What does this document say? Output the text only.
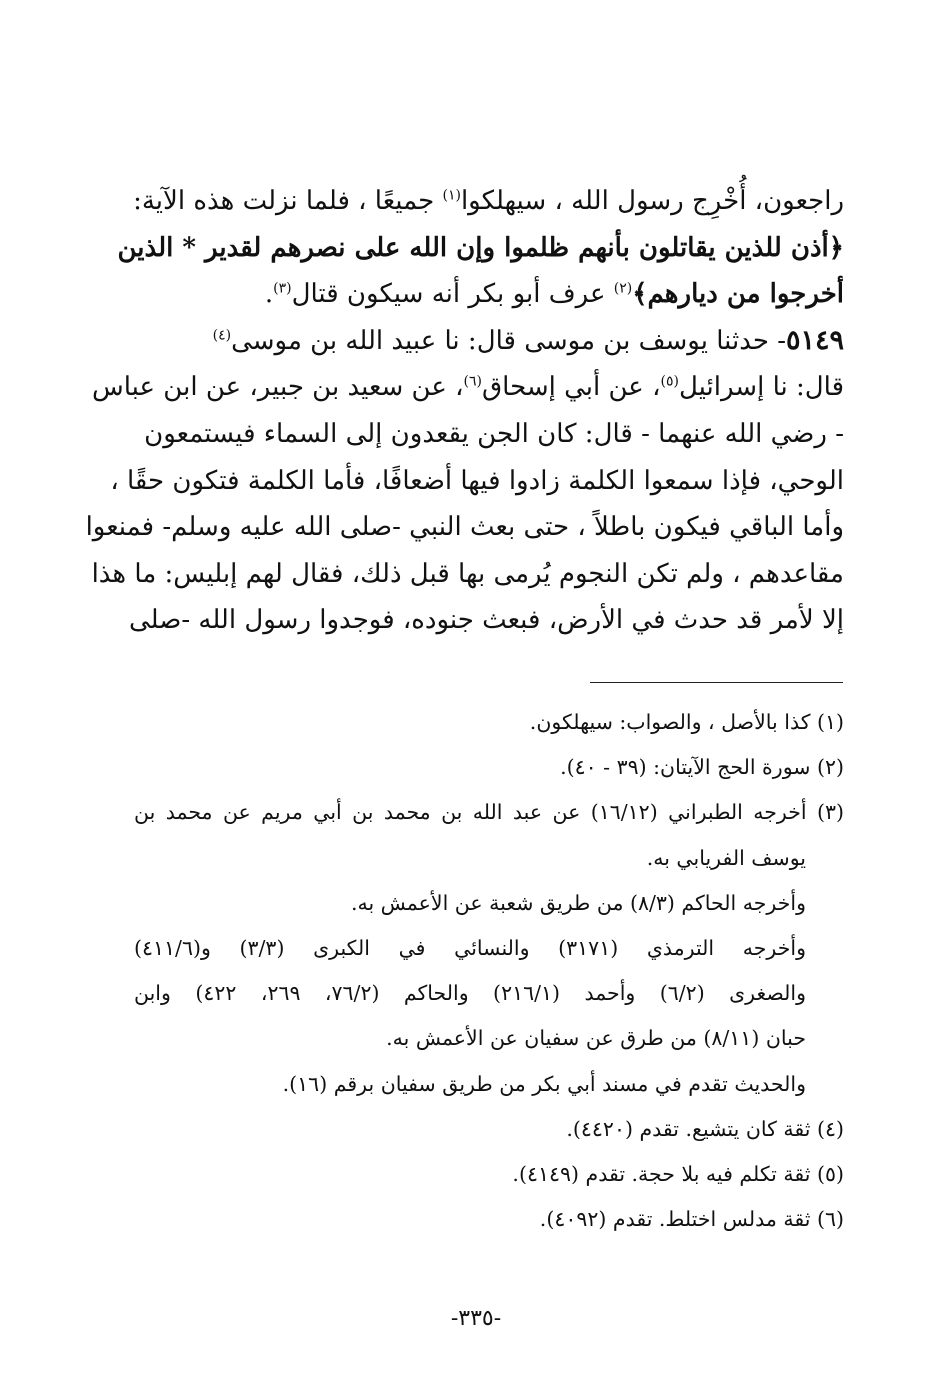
راجعون، أُخْرِج رسول الله ، سيهلكوا$^{(١)}$ جميعًا ، فلما نزلت هذه الآية:
﴿أذن للذين يقاتلون بأنهم ظلموا وإن الله على نصرهم لقدير * الذين
أخرجوا من ديارهم﴾$^{(٢)}$ عرف أبو بكر أنه سيكون قتال$^{(٣)}$.
٥١٤٩- حدثنا يوسف بن موسى قال: نا عبيد الله بن موسى$^{(٤)}$
قال: نا إسرائيل$^{(٥)}$، عن أبي إسحاق$^{(٦)}$، عن سعيد بن جبير، عن ابن عباس
- رضي الله عنهما - قال: كان الجن يقعدون إلى السماء فيستمعون
الوحي، فإذا سمعوا الكلمة زادوا فيها أضعافًا، فأما الكلمة فتكون حقًا ،
وأما الباقي فيكون باطلاً ، حتى بعث النبي -صلى الله عليه وسلم- فمنعوا
مقاعدهم ، ولم تكن النجوم يُرمى بها قبل ذلك، فقال لهم إبليس: ما هذا
إلا لأمر قد حدث في الأرض، فبعث جنوده، فوجدوا رسول الله -صلى
(١) كذا بالأصل ، والصواب: سيهلكون.
(٢) سورة الحج الآيتان: (٣٩ - ٤٠).
(٣) أخرجه الطبراني (١٦/١٢) عن عبد الله بن محمد بن أبي مريم عن محمد بن
يوسف الفريابي به.
وأخرجه الحاكم (٨/٣) من طريق شعبة عن الأعمش به.
وأخرجه الترمذي (٣١٧١) والنسائي في الكبرى (٣/٣) و(٤١١/٦)
والصغرى (٦/٢) وأحمد (٢١٦/١) والحاكم (٧٦/٢، ٢٦٩، ٤٢٢) وابن
حبان (٨/١١) من طرق عن سفيان عن الأعمش به.
والحديث تقدم في مسند أبي بكر من طريق سفيان برقم (١٦).
(٤) ثقة كان يتشيع. تقدم (٤٤٢٠).
(٥) ثقة تكلم فيه بلا حجة. تقدم (٤١٤٩).
(٦) ثقة مدلس اختلط. تقدم (٤٠٩٢).
-٣٣٥-
